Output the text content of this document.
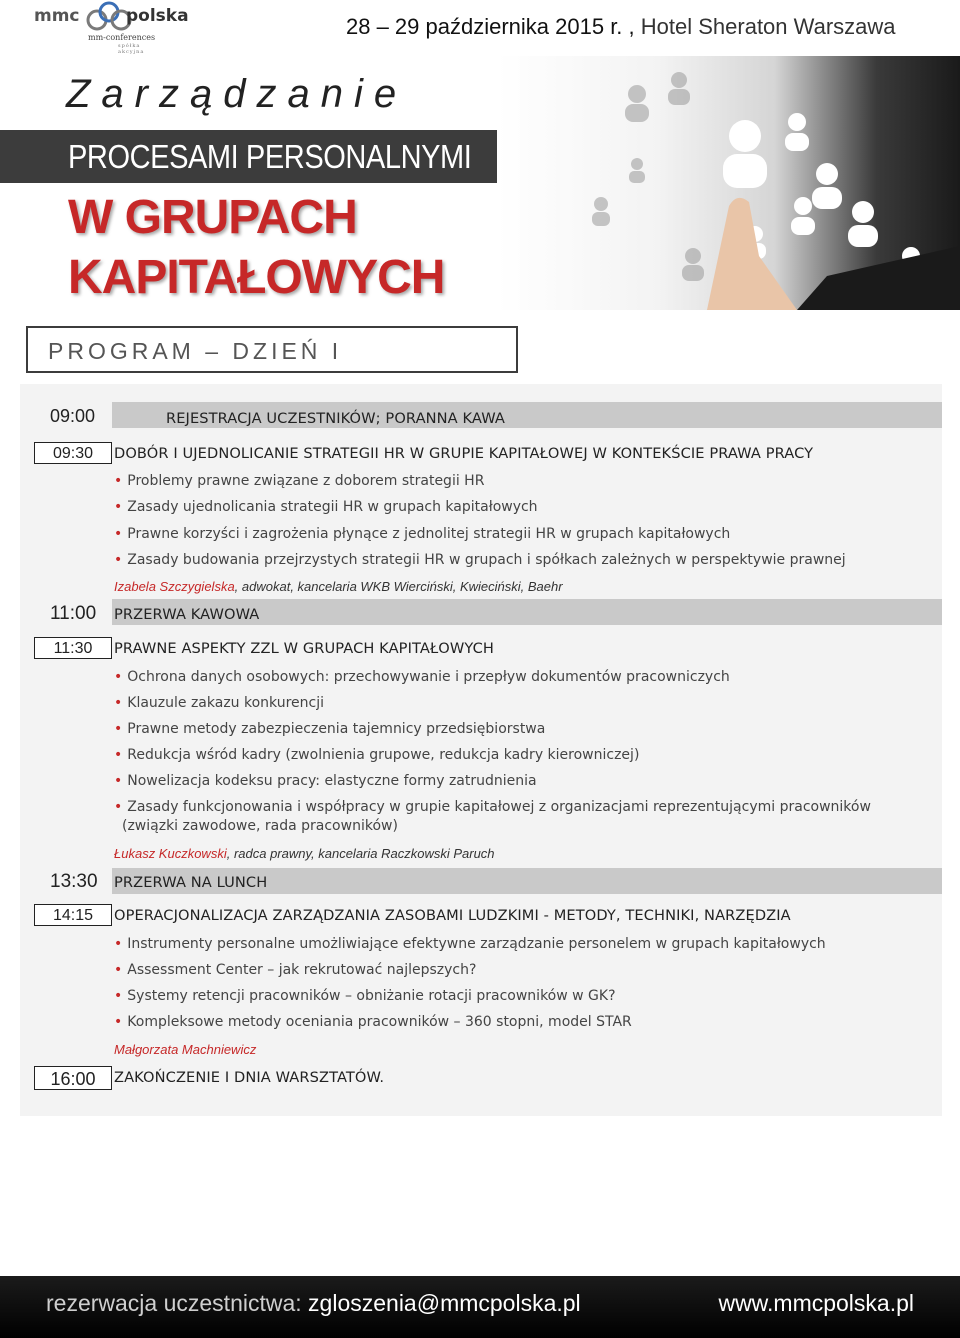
mmc	polska
mm-conferences
spółka akcyjna
28 – 29 października 2015 r. , Hotel Sheraton Warszawa
Zarządzanie
PROCESAMI PERSONALNYMI
W GRUPACH
KAPITAŁOWYCH
PROGRAM – DZIEŃ I
09:00	REJESTRACJA UCZESTNIKÓW; PORANNA KAWA
09:30	DOBÓR I UJEDNOLICANIE STRATEGII HR W GRUPIE KAPITAŁOWEJ W KONTEKŚCIE PRAWA PRACY
• Problemy prawne związane z doborem strategii HR
• Zasady ujednolicania strategii HR w grupach kapitałowych
• Prawne korzyści i zagrożenia płynące z jednolitej strategii HR w grupach kapitałowych
• Zasady budowania przejrzystych strategii HR w grupach i spółkach zależnych w perspektywie prawnej
Izabela Szczygielska, adwokat, kancelaria WKB Wierciński, Kwieciński, Baehr
11:00 PRZERWA KAWOWA
11:30	PRAWNE ASPEKTY ZZL W GRUPACH KAPITAŁOWYCH
• Ochrona danych osobowych: przechowywanie i przepływ dokumentów pracowniczych
• Klauzule zakazu konkurencji
• Prawne metody zabezpieczenia tajemnicy przedsiębiorstwa
• Redukcja wśród kadry (zwolnienia grupowe, redukcja kadry kierowniczej)
• Nowelizacja kodeksu pracy: elastyczne formy zatrudnienia
• Zasady funkcjonowania i współpracy w grupie kapitałowej z organizacjami reprezentującymi pracowników
(związki zawodowe, rada pracowników)
Łukasz Kuczkowski, radca prawny, kancelaria Raczkowski Paruch
13:30 PRZERWA NA LUNCH
14:15	OPERACJONALIZACJA ZARZĄDZANIA ZASOBAMI LUDZKIMI - METODY, TECHNIKI, NARZĘDZIA
• Instrumenty personalne umożliwiające efektywne zarządzanie personelem w grupach kapitałowych
• Assessment Center – jak rekrutować najlepszych?
• Systemy retencji pracowników – obniżanie rotacji pracowników w GK?
• Kompleksowe metody oceniania pracowników – 360 stopni, model STAR
Małgorzata Machniewicz
16:00	ZAKOŃCZENIE I DNIA WARSZTATÓW.
rezerwacja uczestnictwa: zgloszenia@mmcpolska.pl	www.mmcpolska.pl
